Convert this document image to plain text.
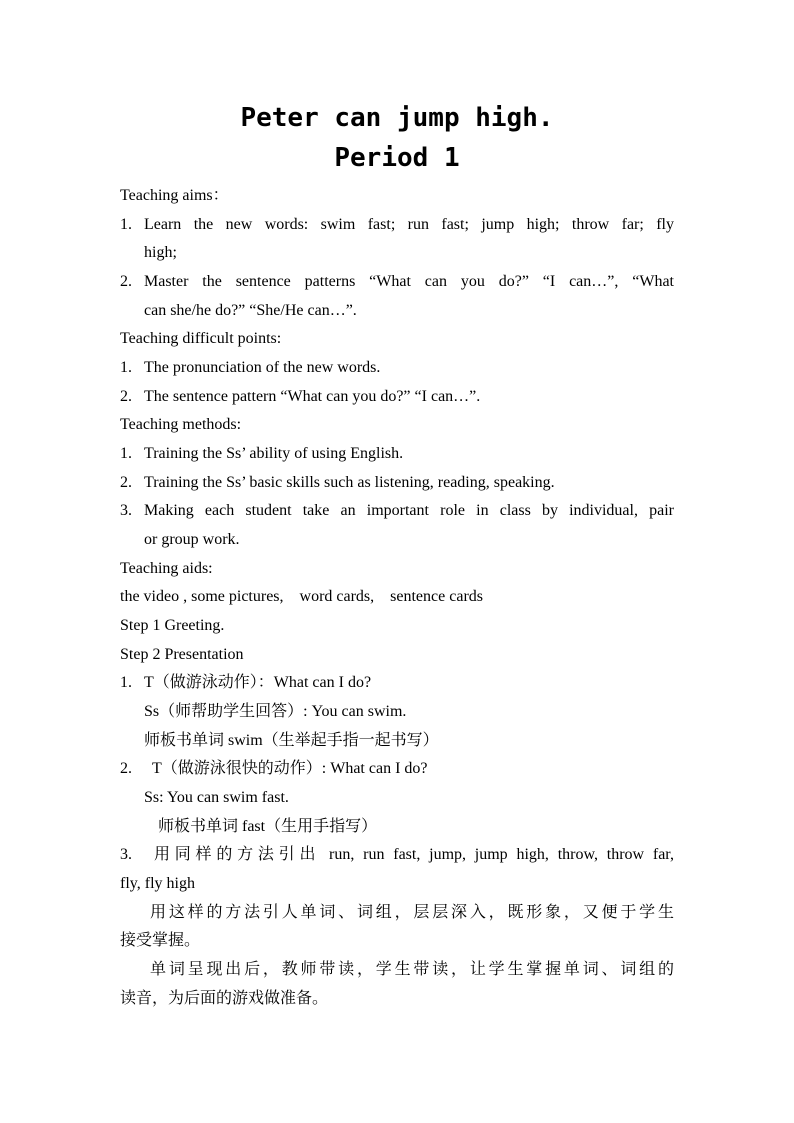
Peter can jump high.
Period 1
Teaching aims：
1. Learn the new words: swim fast; run fast; jump high; throw far; fly
high;
2. Master the sentence patterns “What can you do?” “I can…”, “What
can she/he do?” “She/He can…”.
Teaching difficult points:
1. The pronunciation of the new words.
2. The sentence pattern “What can you do?” “I can…”.
Teaching methods:
1. Training the Ss’ ability of using English.
2. Training the Ss’ basic skills such as listening, reading, speaking.
3. Making each student take an important role in class by individual, pair
or group work.
Teaching aids:
the video , some pictures,    word cards,    sentence cards
Step 1 Greeting.
Step 2 Presentation
1. T（做游泳动作）：What can I do?
Ss（师帮助学生回答）: You can swim.
师板书单词 swim（生举起手指一起书写）
2. T（做游泳很快的动作）: What can I do?
Ss: You can swim fast.
师板书单词 fast（生用手指写）
3. 用同样的方法引出 run, run fast, jump, jump high, throw, throw far,
fly, fly high
用这样的方法引人单词、词组，层层深入，既形象，又便于学生
接受掌握。
单词呈现出后，教师带读，学生带读，让学生掌握单词、词组的
读音，为后面的游戏做准备。
